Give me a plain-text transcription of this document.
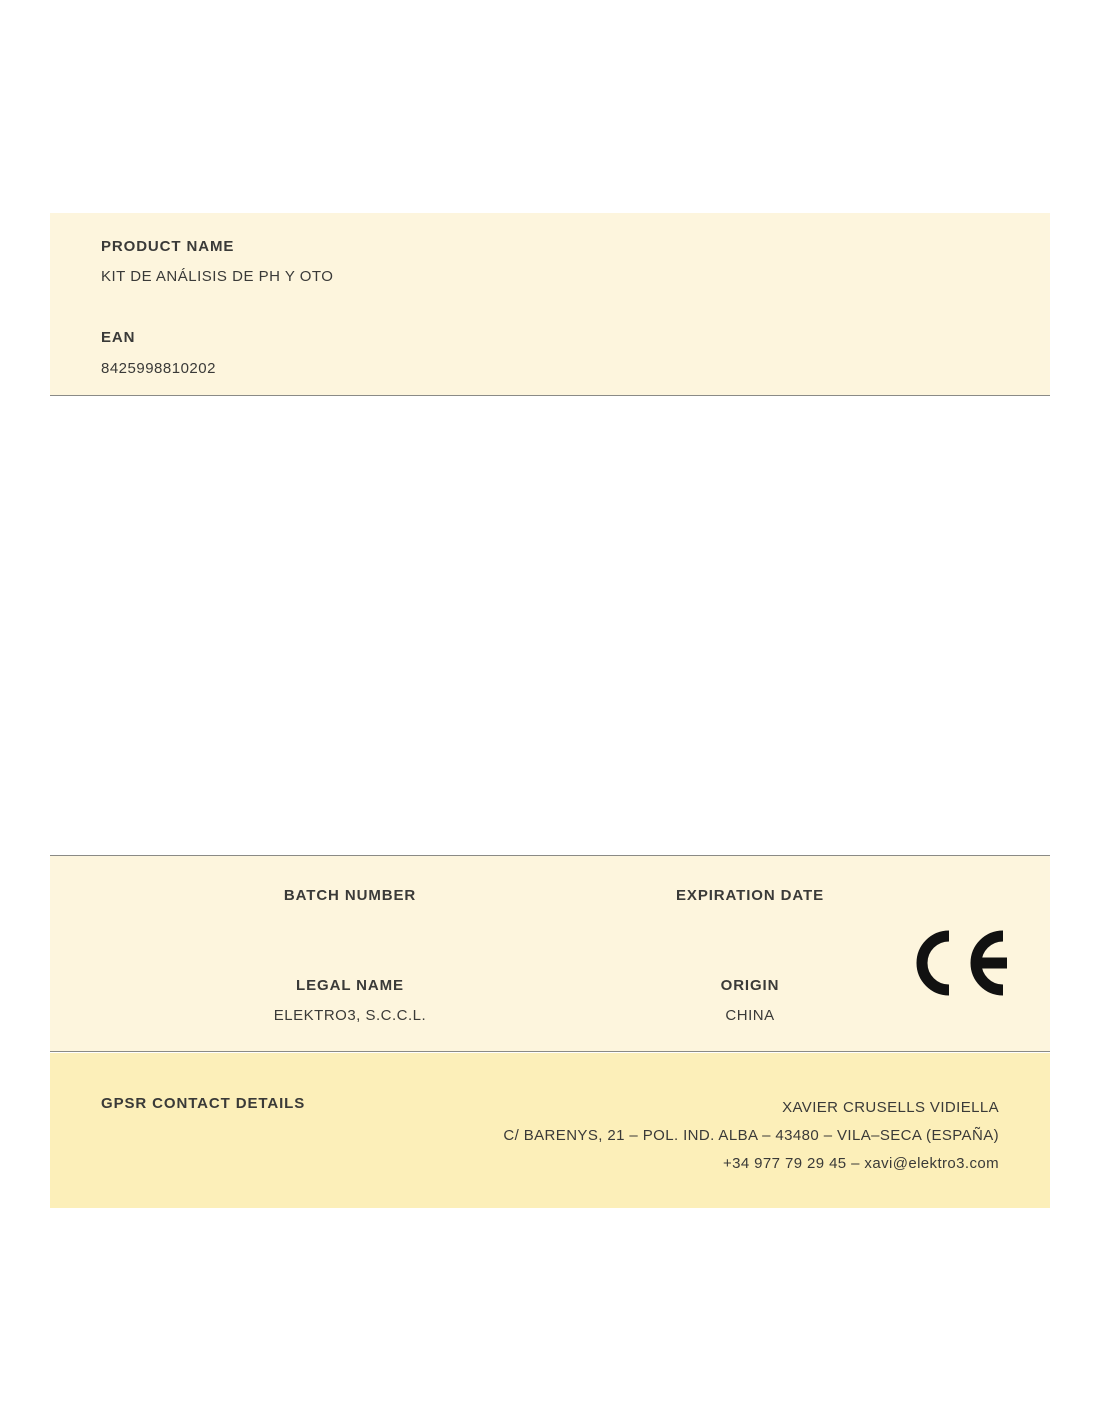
PRODUCT NAME
KIT DE ANÁLISIS DE PH Y OTO
EAN
8425998810202
BATCH NUMBER	EXPIRATION DATE
LEGAL NAME
ELEKTRO3, S.C.C.L.
ORIGIN
CHINA
GPSR CONTACT DETAILS	XAVIER CRUSELLS VIDIELLA
C/ BARENYS, 21 – POL. IND. ALBA – 43480 – VILA–SECA (ESPAÑA)
+34 977 79 29 45 – xavi@elektro3.com
